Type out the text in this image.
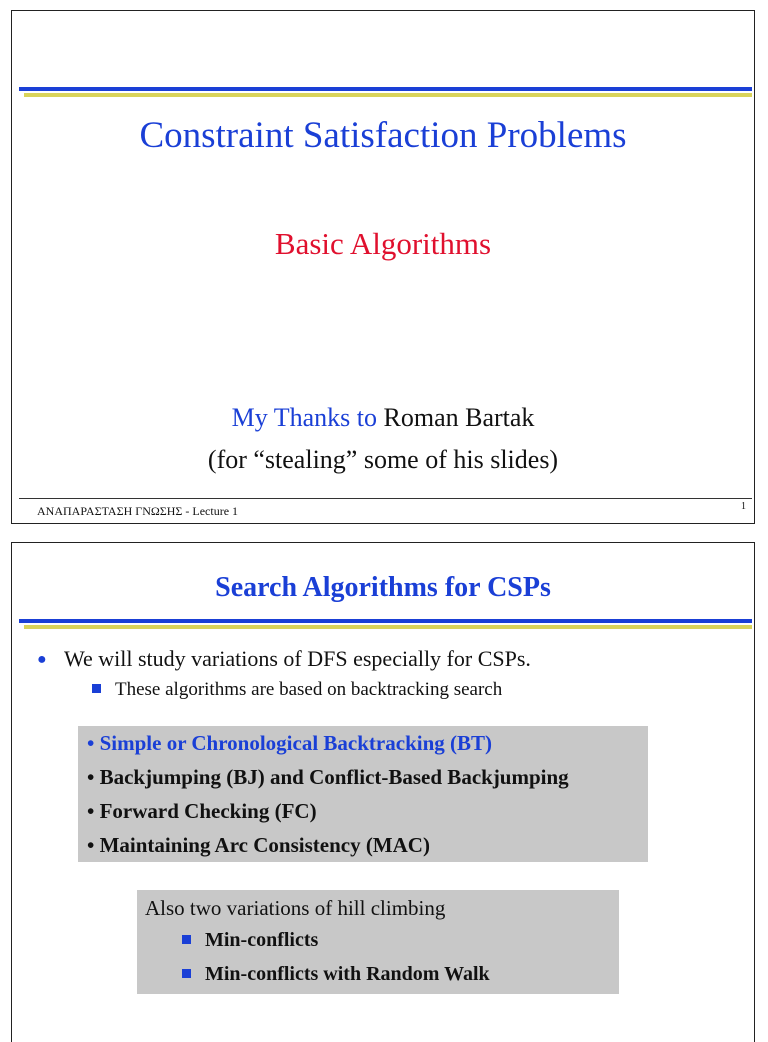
Constraint Satisfaction Problems
Basic Algorithms
My Thanks to Roman Bartak
(for “stealing” some of his slides)
ΑΝΑΠΑΡΑΣΤΑΣΗ ΓΝΩΣΗΣ - Lecture 1	1
Search Algorithms for CSPs
● We will study variations of DFS especially for CSPs.
These algorithms are based on backtracking search
• Simple or Chronological Backtracking (BT)
• Backjumping (BJ) and Conflict-Based Backjumping
• Forward Checking (FC)
• Maintaining Arc Consistency (MAC)
Also two variations of hill climbing
Min-conflicts
Min-conflicts with Random Walk
